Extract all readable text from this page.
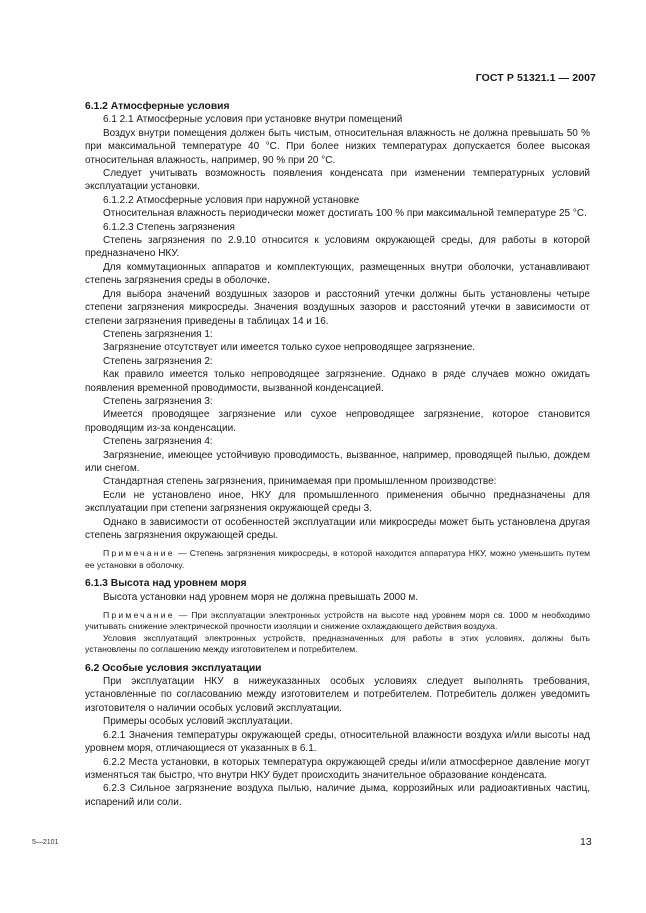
ГОСТ Р 51321.1 — 2007
6.1.2 Атмосферные условия

6.1 2.1 Атмосферные условия при установке внутри помещений

Воздух внутри помещения должен быть чистым, относительная влажность не должна превышать 50 % при максимальной температуре 40 °С. При более низких температурах допускается более высокая относительная влажность, например, 90 % при 20 °С.

Следует учитывать возможность появления конденсата при изменении температурных условий эксплуатации установки.

6.1.2.2 Атмосферные условия при наружной установке

Относительная влажность периодически может достигать 100 % при максимальной температуре 25 °С.

6.1.2.3 Степень загрязнения

Степень загрязнения по 2.9.10 относится к условиям окружающей среды, для работы в которой предназначено НКУ.

Для коммутационных аппаратов и комплектующих, размещенных внутри оболочки, устанавливают степень загрязнения среды в оболочке.

Для выбора значений воздушных зазоров и расстояний утечки должны быть установлены четыре степени загрязнения микросреды. Значения воздушных зазоров и расстояний утечки в зависимости от степени загрязнения приведены в таблицах 14 и 16.

Степень загрязнения 1:

Загрязнение отсутствует или имеется только сухое непроводящее загрязнение.

Степень загрязнения 2:

Как правило имеется только непроводящее загрязнение. Однако в ряде случаев можно ожидать появления временной проводимости, вызванной конденсацией.

Степень загрязнения 3:

Имеется проводящее загрязнение или сухое непроводящее загрязнение, которое становится проводящим из-за конденсации.

Степень загрязнения 4:

Загрязнение, имеющее устойчивую проводимость, вызванное, например, проводящей пылью, дождем или снегом.

Стандартная степень загрязнения, принимаемая при промышленном производстве:

Если не установлено иное, НКУ для промышленного применения обычно предназначены для эксплуатации при степени загрязнения окружающей среды 3.

Однако в зависимости от особенностей эксплуатации или микросреды может быть установлена другая степень загрязнения окружающей среды.

Примечание — Степень загрязнения микросреды, в которой находится аппаратура НКУ, можно уменьшить путем ее установки в оболочку.

6.1.3 Высота над уровнем моря

Высота установки над уровнем моря не должна превышать 2000 м.

Примечание — При эксплуатации электронных устройств на высоте над уровнем моря св. 1000 м необходимо учитывать снижение электрической прочности изоляции и снижение охлаждающего действия воздуха.

Условия эксплуатаций электронных устройств, предназначенных для работы в этих условиях, должны быть установлены по соглашению между изготовителем и потребителем.

6.2 Особые условия эксплуатации

При эксплуатации НКУ в нижеуказанных особых условиях следует выполнять требования, установленные по согласованию между изготовителем и потребителем. Потребитель должен уведомить изготовителя о наличии особых условий эксплуатации.

Примеры особых условий эксплуатации.

6.2.1 Значения температуры окружающей среды, относительной влажности воздуха и/или высоты над уровнем моря, отличающиеся от указанных в 6.1.

6.2.2 Места установки, в которых температура окружающей среды и/или атмосферное давление могут изменяться так быстро, что внутри НКУ будет происходить значительное образование конденсата.

6.2.3 Сильное загрязнение воздуха пылью, наличие дыма, коррозийных или радиоактивных частиц, испарений или соли.

5—2101	13
